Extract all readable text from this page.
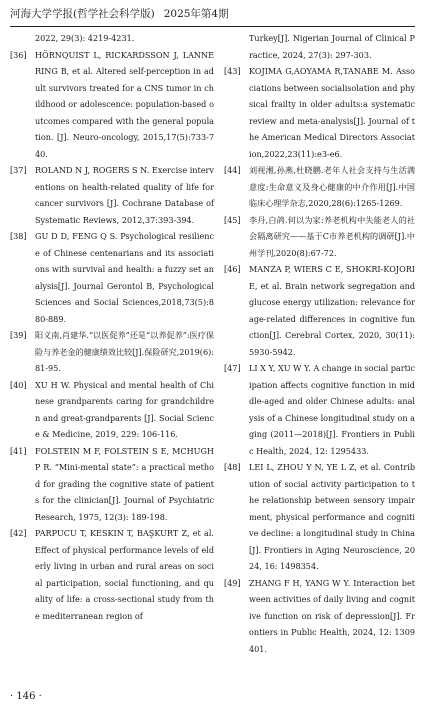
河海大学学报(哲学社会科学版) 2025年第4期
2022, 29(3): 4219-4231.
[36] HÖRNQUIST L, RICKARDSSON J, LANNERING B, et al. Altered self-perception in adult survivors treated for a CNS tumor in childhood or adolescence: population-based outcomes compared with the general population. [J]. Neuro-oncology, 2015,17(5):733-740.
[37] ROLAND N J, ROGERS S N. Exercise interventions on health-related quality of life for cancer survivors [J]. Cochrane Database of Systematic Reviews, 2012,37:393-394.
[38] GU D D, FENG Q S. Psychological resilience of Chinese centenarians and its associations with survival and health: a fuzzy set analysis[J]. Journal Gerontol B, Psychological Sciences and Social Sciences,2018,73(5):880-889.
[39] 阳义南,肖建华.“以医促养”还是“以养促养”:医疗保险与养老金的健康绩效比较[J].保险研究,2019(6):81-95.
[40] XU H W. Physical and mental health of Chinese grandparents caring for grandchildren and great-grandparents [J]. Social Science & Medicine, 2019, 229: 106-116.
[41] FOLSTEIN M F, FOLSTEIN S E, MCHUGH P R. “Mini-mental state”: a practical method for grading the cognitive state of patients for the clinician[J]. Journal of Psychiatric Research, 1975, 12(3): 189-198.
[42] PARPUCU T, KESKIN T, BAŞKURT Z, et al. Effect of physical performance levels of elderly living in urban and rural areas on social participation, social functioning, and quality of life: a cross-sectional study from the mediterranean region of
Turkey[J]. Nigerian Journal of Clinical Practice, 2024, 27(3): 297-303.
[43] KOJIMA G,AOYAMA R,TANABE M. Associations between socialisolation and physical frailty in older adults:a systematic review and meta-analysis[J]. Journal of the American Medical Directors Association,2022,23(11):e3-e6.
[44] 刘视湘,孙燕,杜晓鹏.老年人社会支持与生活满意度:生命意义及身心健康的中介作用[J].中国临床心理学杂志,2020,28(6):1265-1269.
[45] 李丹,白鸽.何以为家:养老机构中失能老人的社会隔离研究——基于C市养老机构的调研[J].中州学刊,2020(8):67-72.
[46] MANZA P, WIERS C E, SHOKRI-KOJORI E, et al. Brain network segregation and glucose energy utilization: relevance for age-related differences in cognitive function[J]. Cerebral Cortex, 2020, 30(11): 5930-5942.
[47] LI X Y, XU W Y. A change in social participation affects cognitive function in middle-aged and older Chinese adults: analysis of a Chinese longitudinal study on aging (2011—2018)[J]. Frontiers in Public Health, 2024, 12: 1295433.
[48] LEI L, ZHOU Y N, YE L Z, et al. Contribution of social activity participation to the relationship between sensory impairment, physical performance and cognitive decline: a longitudinal study in China[J]. Frontiers in Aging Neuroscience, 2024, 16: 1498354.
[49] ZHANG F H, YANG W Y. Interaction between activities of daily living and cognitive function on risk of depression[J]. Frontiers in Public Health, 2024, 12: 1309401.
· 146 ·
